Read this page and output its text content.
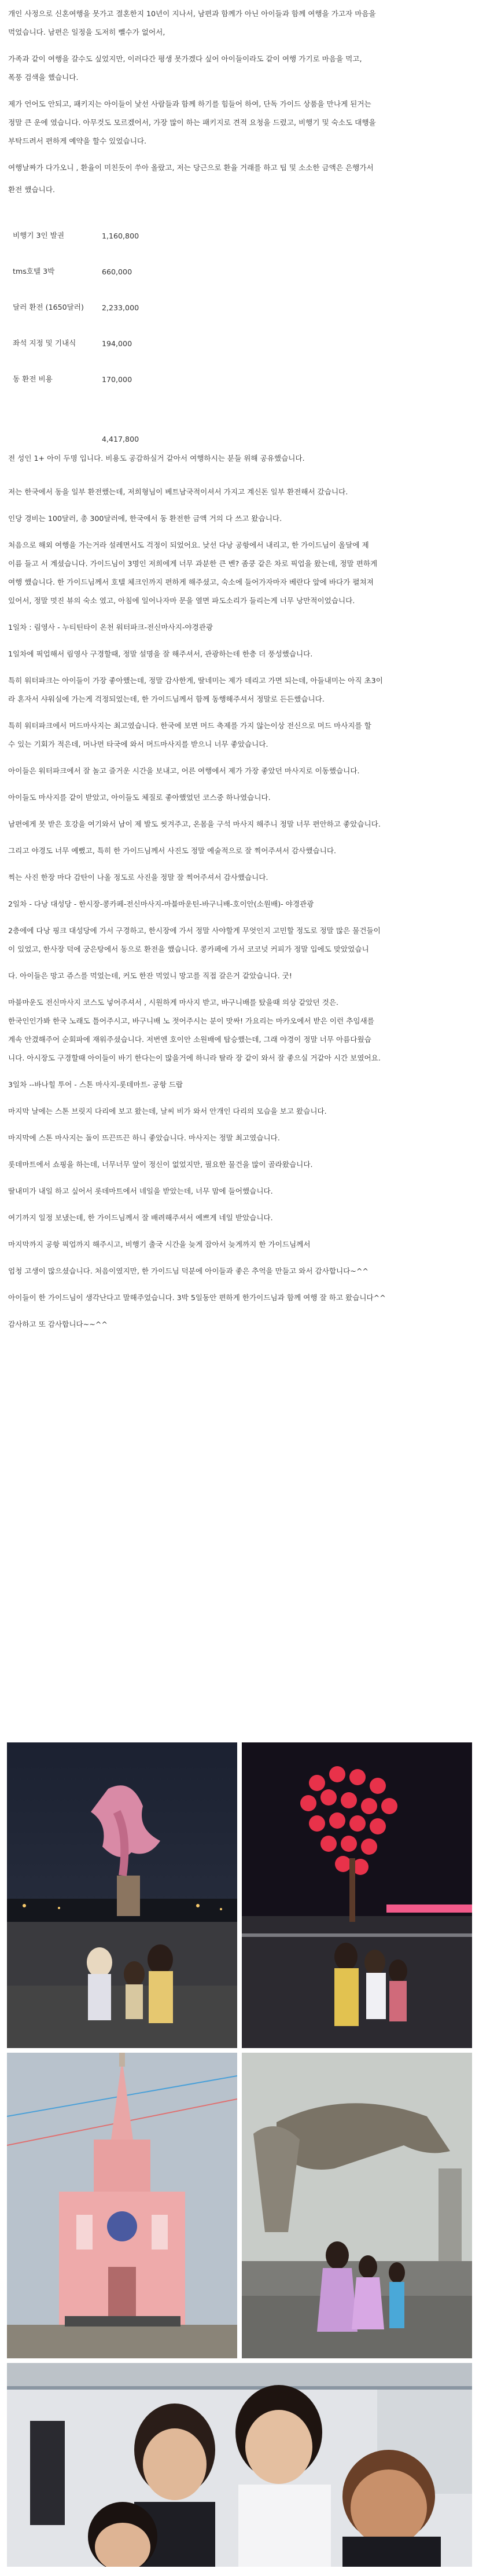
개인 사정으로 신혼여행을 못가고 결혼한지 10년이 지나서, 남편과 함께가 아닌 아이들과 함께 여행을 가고자 마음을

먹었습니다. 남편은 일정을 도저히 뺄수가 없어서,

가족과 같이 여행을 갈수도 싶었지만, 이러다간 평생 못가겠다 싶어 아이들이라도 같이 여행 가기로 마음을 먹고,

폭풍 검색을 했습니다.

제가 언어도 안되고, 패키지는 아이들이 낯선 사람들과 함께 하기를 힘들어 하여, 단독 가이드 상품을 만나게 된거는

정말 큰 운에 였습니다. 아무것도 모르겠어서, 가장 많이 하는 패키지로 견적 요청을 드렸고, 비행기 및 숙소도 대행을

부탁드려서 편하게 예약을 할수 있었습니다.

여행날짜가 다가오니 , 환율이 미친듯이 쑤아 올랐고, 저는 당근으로 환율 거래를 하고 팁 및 소소한 금액은 은행가서

환전 했습니다.

비행기 3인 발권	1,160,800
tms호텔 3박	660,000
달러 환전 (1650달러)	2,233,000
좌석 지정 및 기내식	194,000
동 환전 비용	170,000
	4,417,800

전 성인 1+ 아이 두명 입니다. 비용도 공감하실거 같아서 여행하시는 분들 위해 공유했습니다.

저는 한국에서 동을 일부 환전했는데, 저희형님이 베트남국적이셔서 가지고 계신돈 일부 환전해서 갔습니다.

인당 경비는 100달러, 총 300달러에, 한국에서 동 환전한 금액 거의 다 쓰고 왔습니다.

처음으로 해외 여행을 가는거라 설레면서도 걱정이 되었어요. 낮선 다낭 공항에서 내리고, 한 가이드님이 올달에 제

이름 들고 서 계셨습니다. 가이드님이 3명인 저희에게 너무 과분한 큰 벤? 좀쿵 같은 차로 픽업을 왔는데, 정말 편하게

여행 했습니다. 한 가이드님께서 호텔 체크인까지 편하게 해주셨고, 숙소에 들어가자마자 베란다 앞에 바다가 펼쳐져

있어서, 정말 멋진 뷰의 숙소 였고, 아침에 일어나자마 문을 열면 파도소리가 들리는게 너무 낭만적이었습니다.

1일차 : 림영사 - 누티틴타이 온천 워터파크-전신마사지-야경관광

1일차에 픽업해서 림영사 구경할때, 정말 설명을 잘 해주셔서, 관광하는데 한층 더 풍성했습니다.

특히 워터파크는 아이들이 가장 좋아했는데, 정말 감사한게, 딸네미는 제가 데리고 가면 되는데, 아들내미는 아직 초3이

라 혼자서 샤워실에 가는게 걱정되었는데, 한 가이드님께서 함께 동행해주셔서 정말로 든든했습니다.

특히 워터파크에서 머드마사지는 최고였습니다. 한국에 보면 머드 축제를 가지 않는이상 전신으로 머드 마사지를 할

수 있는 기회가 적은데, 머나먼 타국에 와서 머드마사지를 받으니 너무 좋았습니다.

아이들은 워터파크에서 잘 놀고 즐거운 시간을 보내고, 어른 여행에서 제가 가장 좋았던 마사지로 이동했습니다.

아이들도 마사지를 같이 받았고, 아이들도 체질로 좋아했었던 코스중 하나였습니다.

남편에게 못 받은 호강을 여기와서 남이 제 발도 씻겨주고, 온몸을 구석 마사지 해주니 정말 너무 편안하고 좋았습니다.

그리고 야경도 너무 예뻤고, 특히 한 가이드님께서 사진도 정말 예술적으로 잘 찍어주셔서 감사했습니다.

찍는 사진 한장 마다 감탄이 나올 정도로 사진을 정말 잘 찍어주셔서 감사했습니다.

2일차 - 다낭 대성당 - 한시장-콩카페-전신마사지-마블마운틴-바구니배-호이안(소원배)- 야경관광

2층에에 다낭 핑크 대성당에 가서 구경하고, 한시장에 가서 정말 사야할게 무엇인지 고민할 정도로 정말 많은 물건들이

이 있었고, 한사장 덕에 궁은탕에서 동으로 환전을 했습니다. 콩카페에 가서 코코넛 커피가 정말 입에도 맞았었습니

다. 아이들은 망고 쥬스를 먹었는데, 커도 한잔 먹었니 망고를 직접 갈은거 같았습니다. 굿!

마블마운도 전신마사지 코스도 넣어주셔서 , 시원하게 마사지 받고, 바구니배를 탔을때 의상 같았던 것은.

한국인인가봐 한국 노래도 틀어주시고, 바구니배 노 젓어주시는 분이 맛싸! 가요리는 마카오에서 받은 이런 추임새를

계속 안겼해주어 순회파에 재워주셨습니다. 저번엔 호이안 소원배에 탑승했는데, 그래 야경이 정말 너무 아름다웠습

니다. 아시장도 구경할때 아이들이 바기 한다는이 많을거에 하니라 탈라 장 같이 와서 잘 좋으실 거같아 시간 보였어요.

3일차 --바나힐 투어 - 스톤 마사지-롯데마트- 공항 드랍

마지막 날에는 스톤 브릿지 다리에 보고 왔는데, 날씨 비가 와서 안개인 다리의 모습을 보고 왔습니다.

마지막에 스톤 마사지는 돌이 뜨끈뜨끈 하니 좋았습니다. 마사지는 정말 최고였습니다.

롯데마트에서 쇼핑을 하는데, 너무너무 앞이 정신이 없었지만, 필요한 물건을 많이 골라왔습니다.

딸내미가 내일 하고 싶어서 롯데마트에서 네일을 받았는데, 너무 맘에 들어했습니다.

여기까지 일정 보냈는데, 한 가이드님께서 잘 배려해주셔서 예쁘게 네일 받았습니다.

마지막까지 공항 픽업까지 해주시고, 비행기 출국 시간을 늦게 잡아서 늦게까지 한 가이드님께서

엄청 고생이 많으셨습니다. 처음이였지만, 한 가이드님 덕분에 아이들과 좋은 추억을 만들고 와서 감사합니다~^^

아이들이 한 가이드님이 생각난다고 말해주었습니다. 3박 5일동안 편하게 한가이드님과 함께 여행 잘 하고 왔습니다^^

감사하고 또 감사합니다~~^^
